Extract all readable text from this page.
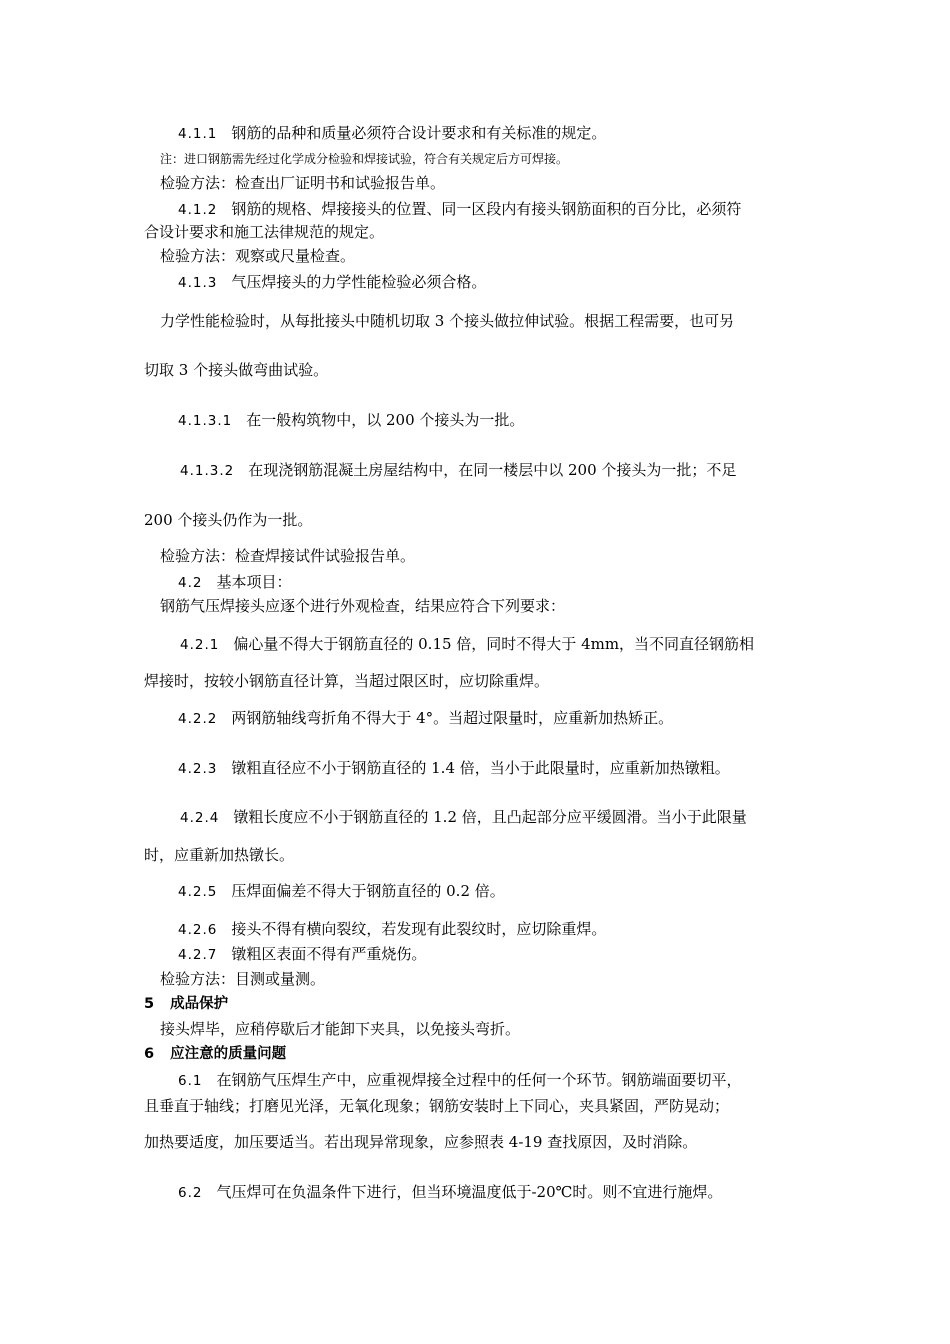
4.1.1 钢筋的品种和质量必须符合设计要求和有关标准的规定。
注：进口钢筋需先经过化学成分检验和焊接试验，符合有关规定后方可焊接。
检验方法：检查出厂证明书和试验报告单。
4.1.2 钢筋的规格、焊接接头的位置、同一区段内有接头钢筋面积的百分比，必须符
合设计要求和施工法律规范的规定。
检验方法：观察或尺量检查。
4.1.3 气压焊接头的力学性能检验必须合格。
力学性能检验时，从每批接头中随机切取 3 个接头做拉伸试验。根据工程需要，也可另
切取 3 个接头做弯曲试验。
4.1.3.1 在一般构筑物中，以 200 个接头为一批。
4.1.3.2 在现浇钢筋混凝土房屋结构中，在同一楼层中以 200 个接头为一批；不足
200 个接头仍作为一批。
检验方法：检查焊接试件试验报告单。
4.2 基本项目：
钢筋气压焊接头应逐个进行外观检查，结果应符合下列要求：
4.2.1 偏心量不得大于钢筋直径的 0.15 倍，同时不得大于 4mm，当不同直径钢筋相
焊接时，按较小钢筋直径计算，当超过限区时，应切除重焊。
4.2.2 两钢筋轴线弯折角不得大于 4°。当超过限量时，应重新加热矫正。
4.2.3 镦粗直径应不小于钢筋直径的 1.4 倍，当小于此限量时，应重新加热镦粗。
4.2.4 镦粗长度应不小于钢筋直径的 1.2 倍，且凸起部分应平缓圆滑。当小于此限量
时，应重新加热镦长。
4.2.5 压焊面偏差不得大于钢筋直径的 0.2 倍。
4.2.6 接头不得有横向裂纹，若发现有此裂纹时，应切除重焊。
4.2.7 镦粗区表面不得有严重烧伤。
检验方法：目测或量测。
5 成品保护
接头焊毕，应稍停歇后才能卸下夹具，以免接头弯折。
6 应注意的质量问题
6.1 在钢筋气压焊生产中，应重视焊接全过程中的任何一个环节。钢筋端面要切平，
且垂直于轴线；打磨见光泽，无氧化现象；钢筋安装时上下同心，夹具紧固，严防晃动；
加热要适度，加压要适当。若出现异常现象，应参照表 4-19 查找原因，及时消除。
6.2 气压焊可在负温条件下进行，但当环境温度低于-20℃时。则不宜进行施焊。
